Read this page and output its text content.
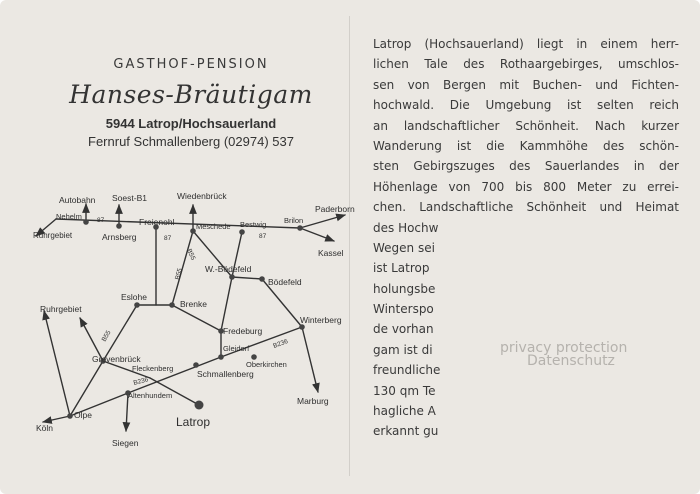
GASTHOF-PENSION
Hanses-Bräutigam
5944 Latrop/Hochsauerland
Fernruf Schmallenberg (02974) 537
Autobahn Soest-B1	Wiedenbrück
Paderborn
Nehelm
Arnsberg
Freienohl	Meschede Bestwig Brilon
Ruhrgebiet
Kassel
W.-Bödefeld
Bödefeld
Eslohe
Brenke
Ruhrgebiet
Fredeburg
Winterberg
Grevenbrück
Gleidorf
Oberkirchen
Fleckenberg
Schmallenberg
Olpe
Altenhundem
Marburg
Köln
Siegen
Latrop
87
87	87
B55
B55
B55
B236
B236
Latrop (Hochsauerland) liegt in einem herr-
lichen Tale des Rothaargebirges, umschlos-
sen von Bergen mit Buchen- und Fichten-
hochwald. Die Umgebung ist selten reich
an landschaftlicher Schönheit. Nach kurzer
Wanderung ist die Kammhöhe des schön-
sten Gebirgszuges des Sauerlandes in der
Höhenlage von 700 bis 800 Meter zu errei-
chen. Landschaftliche Schönheit und Heimat
des Hochw
Wegen sei
ist Latrop
holungsbe
Winterspo
de vorhan
gam ist di
freundliche
130 qm Te
hagliche A
erkannt gu
privacy protection
Datenschutz
